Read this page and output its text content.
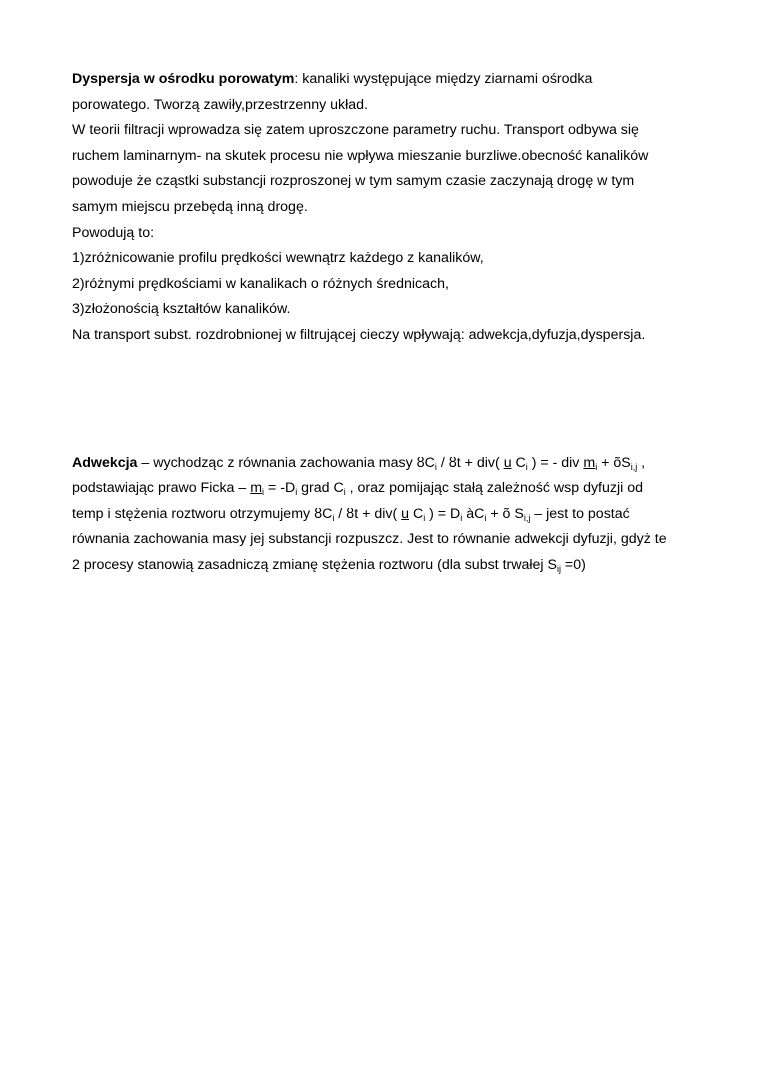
Dyspersja w ośrodku porowatym: kanaliki występujące między ziarnami ośrodka
porowatego. Tworzą zawiły,przestrzenny układ.
W teorii filtracji wprowadza się zatem uproszczone parametry ruchu. Transport odbywa się
ruchem laminarnym- na skutek procesu nie wpływa mieszanie burzliwe.obecność kanalików
powoduje że cząstki substancji rozproszonej w tym samym czasie zaczynają drogę w tym
samym miejscu przebędą inną drogę.
Powodują to:
1)zróżnicowanie profilu prędkości wewnątrz każdego z kanalików,
2)różnymi prędkościami w kanalikach o różnych średnicach,
3)złożonością kształtów kanalików.
Na transport subst. rozdrobnionej w filtrującej cieczy wpływają: adwekcja,dyfuzja,dyspersja.
Adwekcja – wychodząc z równania zachowania masy $ȣC_i$ / ȣt + div( u $C_i$ ) = - div $m_i$ + $õS_{i,j}$ ,
podstawiając prawo Ficka – $m_i = -D_i$ grad $C_i$ , oraz pomijając stałą zależność wsp dyfuzji od
temp i stężenia roztworu otrzymujemy $ȣC_i$ / ȣt + div( u $C_i$ ) = $D_i$ $àC_i$ + õ $S_{i,j}$ – jest to postać
równania zachowania masy jej substancji rozpuszcz. Jest to równanie adwekcji dyfuzji, gdyż te
2 procesy stanowią zasadniczą zmianę stężenia roztworu (dla subst trwałej $S_{ij} =0$)
